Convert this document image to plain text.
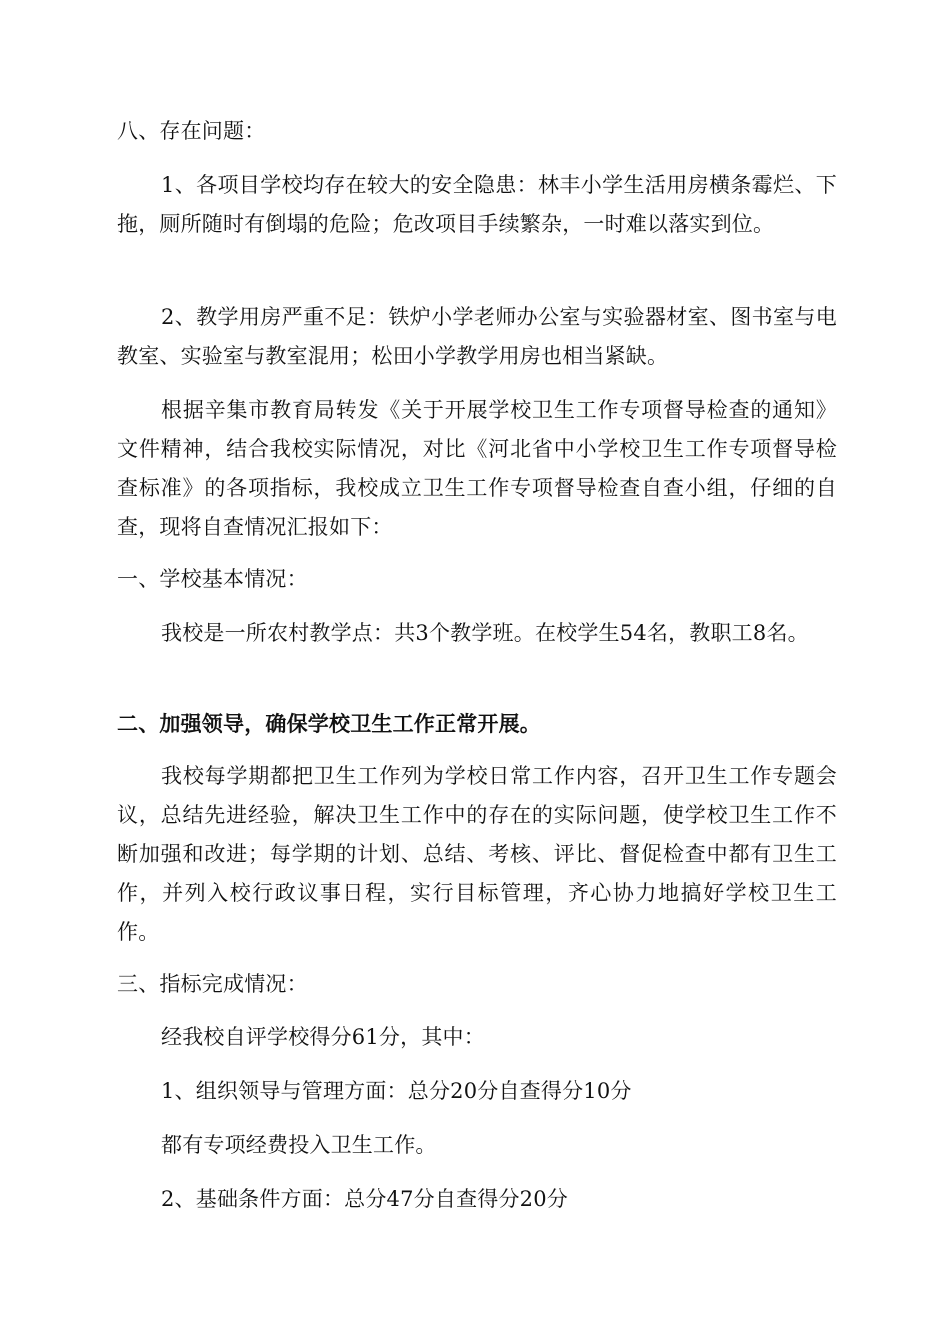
八、存在问题：

1、各项目学校均存在较大的安全隐患：林丰小学生活用房横条霉烂、下拖，厕所随时有倒塌的危险；危改项目手续繁杂，一时难以落实到位。

2、教学用房严重不足：铁炉小学老师办公室与实验器材室、图书室与电教室、实验室与教室混用；松田小学教学用房也相当紧缺。

根据辛集市教育局转发《关于开展学校卫生工作专项督导检查的通知》文件精神，结合我校实际情况，对比《河北省中小学校卫生工作专项督导检查标准》的各项指标，我校成立卫生工作专项督导检查自查小组，仔细的自查，现将自查情况汇报如下：

一、学校基本情况：

我校是一所农村教学点：共3个教学班。在校学生54名，教职工8名。

二、加强领导，确保学校卫生工作正常开展。

我校每学期都把卫生工作列为学校日常工作内容，召开卫生工作专题会议，总结先进经验，解决卫生工作中的存在的实际问题，使学校卫生工作不断加强和改进；每学期的计划、总结、考核、评比、督促检查中都有卫生工作，并列入校行政议事日程，实行目标管理，齐心协力地搞好学校卫生工作。

三、指标完成情况：

经我校自评学校得分61分，其中：

1、组织领导与管理方面：总分20分自查得分10分

都有专项经费投入卫生工作。

2、基础条件方面：总分47分自查得分20分
